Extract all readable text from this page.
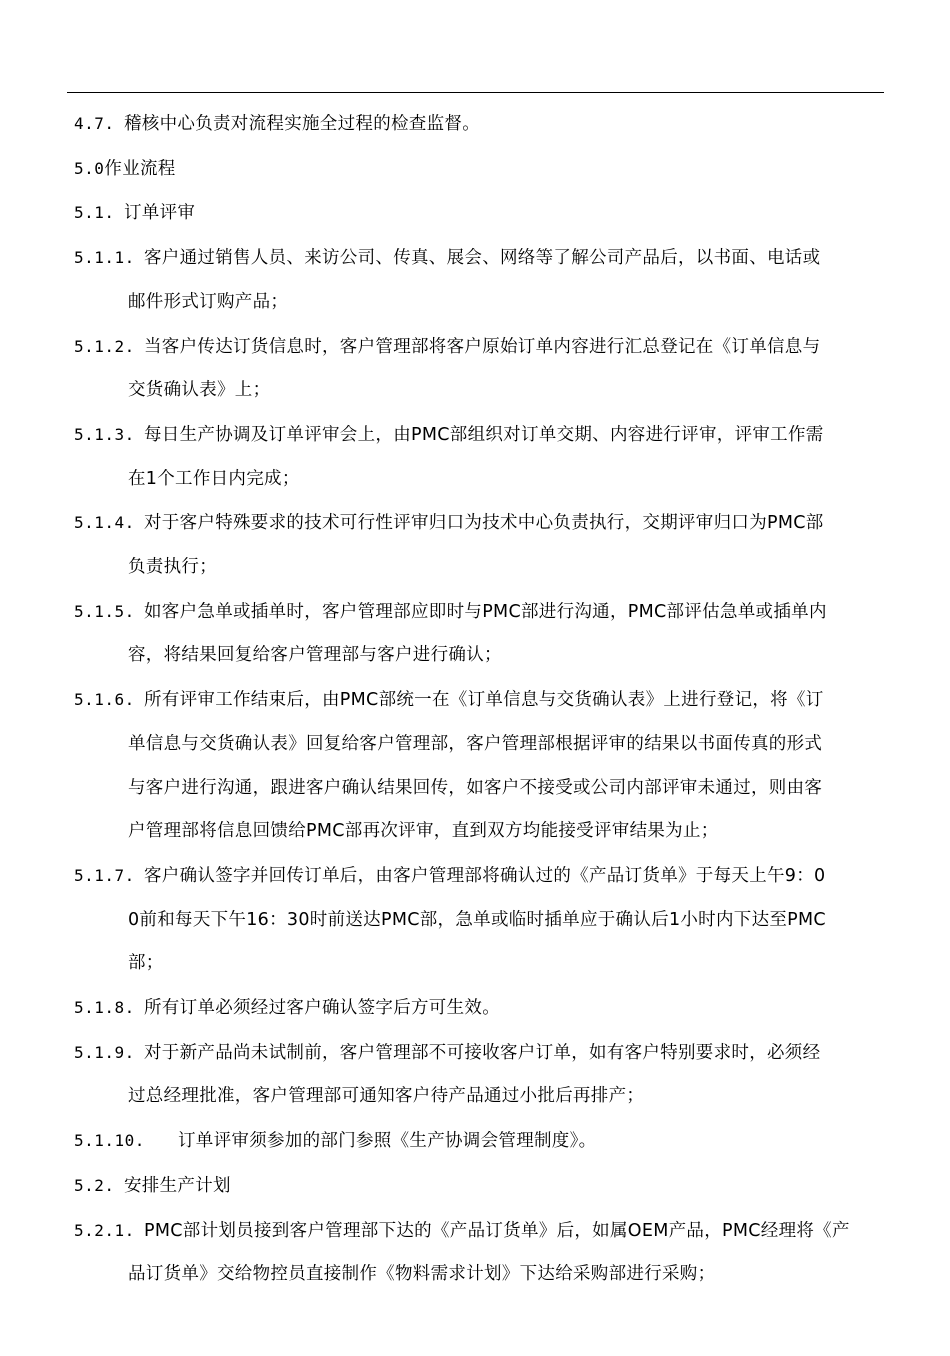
4.7. 稽核中心负责对流程实施全过程的检查监督。

5.0作业流程

5.1. 订单评审

5.1.1. 客户通过销售人员、来访公司、传真、展会、网络等了解公司产品后，以书面、电话或

邮件形式订购产品；

5.1.2. 当客户传达订货信息时，客户管理部将客户原始订单内容进行汇总登记在《订单信息与

交货确认表》上；

5.1.3. 每日生产协调及订单评审会上，由PMC部组织对订单交期、内容进行评审，评审工作需

在1个工作日内完成；

5.1.4. 对于客户特殊要求的技术可行性评审归口为技术中心负责执行，交期评审归口为PMC部

负责执行；

5.1.5. 如客户急单或插单时，客户管理部应即时与PMC部进行沟通，PMC部评估急单或插单内

容，将结果回复给客户管理部与客户进行确认；

5.1.6. 所有评审工作结束后，由PMC部统一在《订单信息与交货确认表》上进行登记，将《订

单信息与交货确认表》回复给客户管理部，客户管理部根据评审的结果以书面传真的形式

与客户进行沟通，跟进客户确认结果回传，如客户不接受或公司内部评审未通过，则由客

户管理部将信息回馈给PMC部再次评审，直到双方均能接受评审结果为止；

5.1.7. 客户确认签字并回传订单后，由客户管理部将确认过的《产品订货单》于每天上午9：0

0前和每天下午16：30时前送达PMC部，急单或临时插单应于确认后1小时内下达至PMC

部；

5.1.8. 所有订单必须经过客户确认签字后方可生效。

5.1.9. 对于新产品尚未试制前，客户管理部不可接收客户订单，如有客户特别要求时，必须经

过总经理批准，客户管理部可通知客户待产品通过小批后再排产；

5.1.10. 订单评审须参加的部门参照《生产协调会管理制度》。

5.2. 安排生产计划

5.2.1. PMC部计划员接到客户管理部下达的《产品订货单》后，如属OEM产品，PMC经理将《产

品订货单》交给物控员直接制作《物料需求计划》下达给采购部进行采购；
